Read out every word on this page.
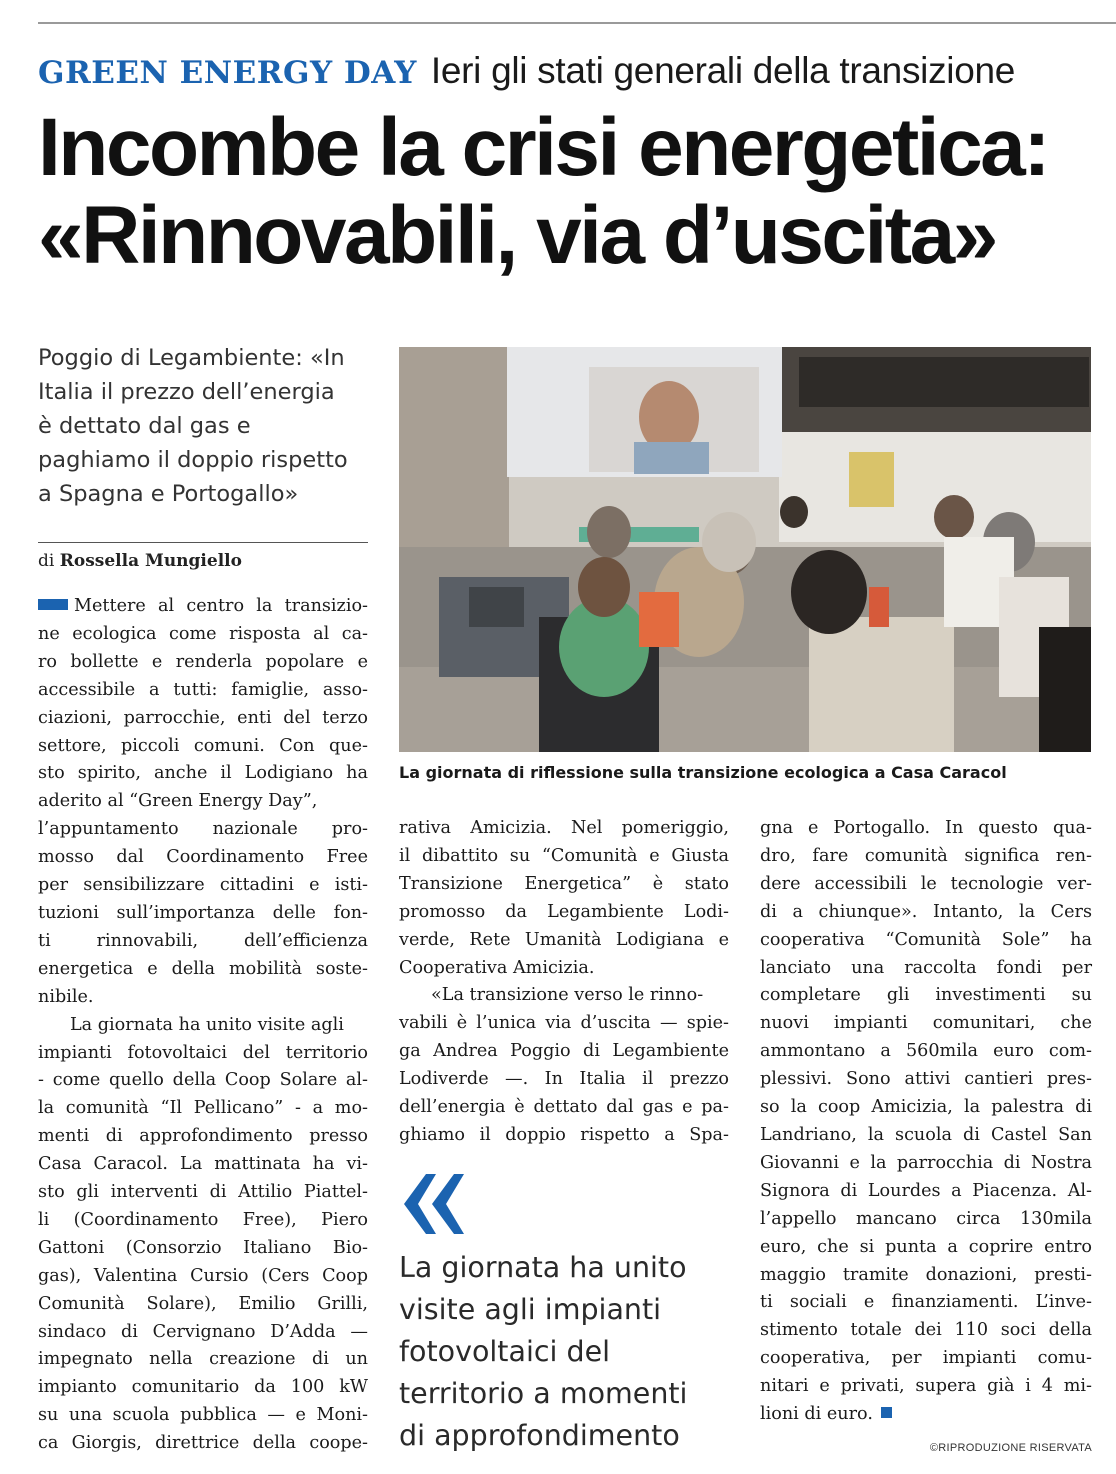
GREEN ENERGY DAY Ieri gli stati generali della transizione
Incombe la crisi energetica:
«Rinnovabili, via d’uscita»

Poggio di Legambiente: «In
Italia il prezzo dell’energia
è dettato dal gas e
paghiamo il doppio rispetto
a Spagna e Portogallo»

di Rossella Mungiello
La giornata di riflessione sulla transizione ecologica a Casa Caracol
Mettere al centro la transizio-
ne ecologica come risposta al ca-
ro bollette e renderla popolare e
accessibile a tutti: famiglie, asso-
ciazioni, parrocchie, enti del terzo
settore, piccoli comuni. Con que-
sto spirito, anche il Lodigiano ha
aderito al “Green Energy Day”,
l’appuntamento nazionale pro-
mosso dal Coordinamento Free
per sensibilizzare cittadini e isti-
tuzioni sull’importanza delle fon-
ti rinnovabili, dell’efficienza
energetica e della mobilità soste-
nibile.
La giornata ha unito visite agli
impianti fotovoltaici del territorio
- come quello della Coop Solare al-
la comunità “Il Pellicano” - a mo-
menti di approfondimento presso
Casa Caracol. La mattinata ha vi-
sto gli interventi di Attilio Piattel-
li (Coordinamento Free), Piero
Gattoni (Consorzio Italiano Bio-
gas), Valentina Cursio (Cers Coop
Comunità Solare), Emilio Grilli,
sindaco di Cervignano D’Adda —
impegnato nella creazione di un
impianto comunitario da 100 kW
su una scuola pubblica — e Moni-
ca Giorgis, direttrice della coope-
rativa Amicizia. Nel pomeriggio,
il dibattito su “Comunità e Giusta
Transizione Energetica” è stato
promosso da Legambiente Lodi-
verde, Rete Umanità Lodigiana e
Cooperativa Amicizia.
«La transizione verso le rinno-
vabili è l’unica via d’uscita — spie-
ga Andrea Poggio di Legambiente
Lodiverde —. In Italia il prezzo
dell’energia è dettato dal gas e pa-
ghiamo il doppio rispetto a Spa-
La giornata ha unito
visite agli impianti
fotovoltaici del
territorio a momenti
di approfondimento
gna e Portogallo. In questo qua-
dro, fare comunità significa ren-
dere accessibili le tecnologie ver-
di a chiunque». Intanto, la Cers
cooperativa “Comunità Sole” ha
lanciato una raccolta fondi per
completare gli investimenti su
nuovi impianti comunitari, che
ammontano a 560mila euro com-
plessivi. Sono attivi cantieri pres-
so la coop Amicizia, la palestra di
Landriano, la scuola di Castel San
Giovanni e la parrocchia di Nostra
Signora di Lourdes a Piacenza. Al-
l’appello mancano circa 130mila
euro, che si punta a coprire entro
maggio tramite donazioni, presti-
ti sociali e finanziamenti. L’inve-
stimento totale dei 110 soci della
cooperativa, per impianti comu-
nitari e privati, supera già i 4 mi-
lioni di euro.
©RIPRODUZIONE RISERVATA
